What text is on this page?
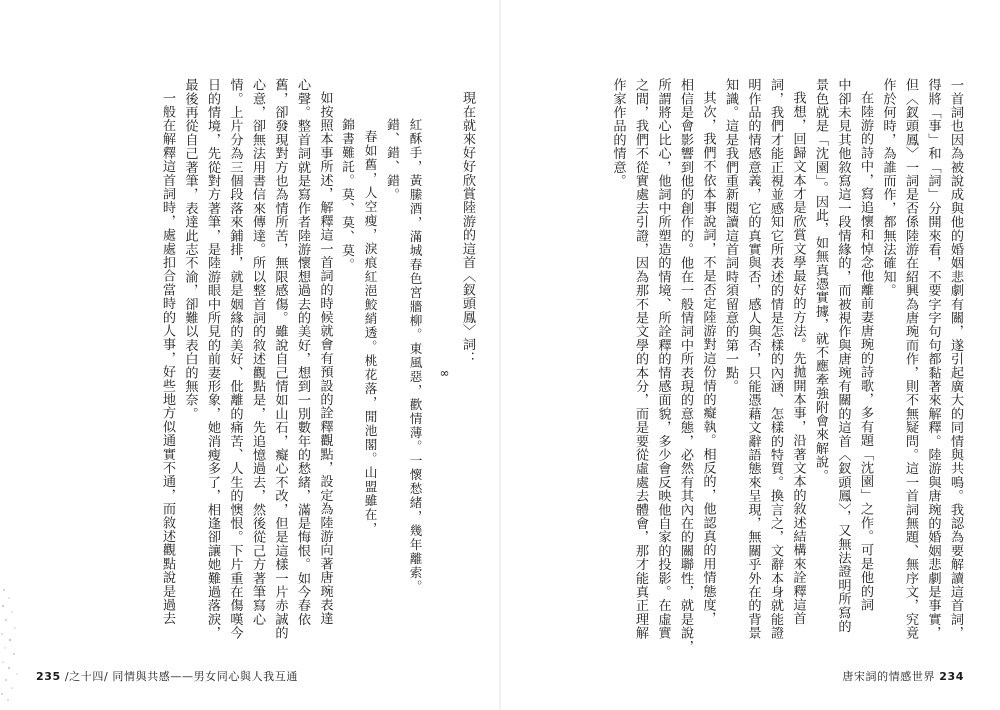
現在就來好好欣賞陸游的這首〈釵頭鳳〉詞：

∞

紅酥手，黃縢酒，滿城春色宮牆柳。東風惡，歡情薄。一懷愁緒，幾年離索。

錯、錯、錯。

春如舊，人空瘦，淚痕紅浥鮫綃透。桃花落，閒池閣。山盟雖在，

錦書難託。莫、莫、莫。

如按照本事所述，解釋這一首詞的時候就會有預設的詮釋觀點，設定為陸游向著唐琬表達

心聲。整首詞就是寫作者陸游懷想過去的美好，想到一別數年的愁緒，滿是悔恨。如今春依

舊，卻發現對方也為情所苦，無限感傷。雖說自己情如山石，癡心不改，但是這樣一片赤誠的

心意，卻無法用書信來傳達。所以整首詞的敘述觀點是，先追憶過去，然後從己方著筆寫心

情。上片分為三個段落來鋪排，就是姻緣的美好、仳離的痛苦、人生的懊恨。下片重在傷嘆今

日的情境，先從對方著筆，是陸游眼中所見的前妻形象，她消瘦多了，相逢卻讓她難過落淚，

最後再從自己著筆，表達此志不渝，卻難以表白的無奈。

一般在解釋這首詞時，處處扣合當時的人事，好些地方似通實不通，而敘述觀點說是過去

235 /之十四/ 同情與共感——男女同心與人我互通

一首詞也因為被說成與他的婚姻悲劇有關，遂引起廣大的同情與共鳴。我認為要解讀這首詞，

得將「事」和「詞」分開來看，不要字字句句都黏著來解釋。陸游與唐琬的婚姻悲劇是事實，

但〈釵頭鳳〉一詞是否係陸游在紹興為唐琬而作，則不無疑問。這一首詞無題、無序文，究竟

作於何時，為誰而作，都無法確知。

在陸游的詩中，寫追懷和悼念他離前妻唐琬的詩歌，多有題「沈園」之作。可是他的詞

中卻未見其他敘寫這一段情緣的，而被視作與唐琬有關的這首〈釵頭鳳〉，又無法證明所寫的

景色就是「沈園」。因此，如無真憑實據，就不應牽強附會來解說。

我想，回歸文本才是欣賞文學最好的方法。先拋開本事，沿著文本的敘述結構來詮釋這首

詞，我們才能正視並感知它所表述的情是怎樣的內涵、怎樣的特質。換言之，文辭本身就能證

明作品的情感意義，它的真實與否，感人與否，只能憑藉文辭語態來呈現，無關乎外在的背景

知識。這是我們重新閱讀這首詞時須留意的第一點。

其次，我們不依本事說詞，不是否定陸游對這份情的癡執。相反的，他認真的用情態度，

相信是會影響到他的創作的。他在一般情詞中所表現的意態，必然有其內在的關聯性，就是說，

所謂將心比心，他詞中所塑造的情境、所詮釋的情感面貌，多少會反映他自家的投影。在虛實

之間，我們不從實處去引證，因為那不是文學的本分，而是要從虛處去體會，那才能真正理解

作家作品的情意。

唐宋詞的情感世界 234
